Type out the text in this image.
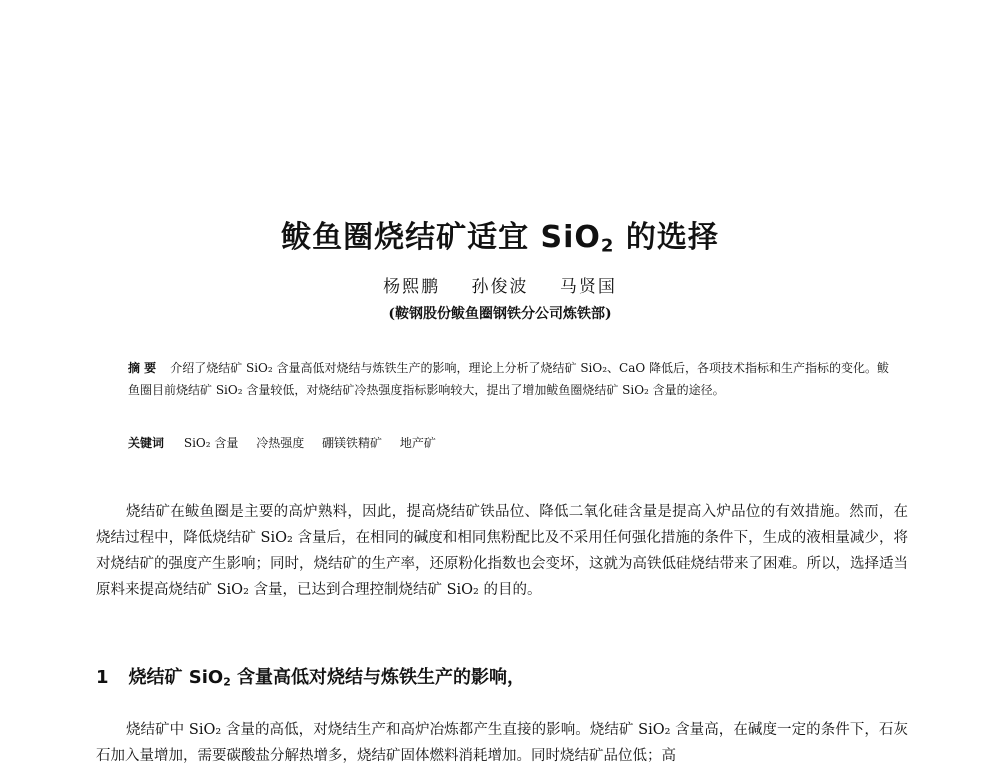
鲅鱼圈烧结矿适宜 SiO$_2$ 的选择
杨熙鹏 孙俊波 马贤国
(鞍钢股份鲅鱼圈钢铁分公司炼铁部)
摘 要 介绍了烧结矿 SiO₂ 含量高低对烧结与炼铁生产的影响，理论上分析了烧结矿 SiO₂、CaO 降低后，各项技术指标和生产指标的变化。鲅鱼圈目前烧结矿 SiO₂ 含量较低，对烧结矿冷热强度指标影响较大，提出了增加鲅鱼圈烧结矿 SiO₂ 含量的途径。
关键词 SiO₂ 含量 冷热强度 硼镁铁精矿 地产矿

烧结矿在鲅鱼圈是主要的高炉熟料，因此，提高烧结矿铁品位、降低二氧化硅含量是提高入炉品位的有效措施。然而，在烧结过程中，降低烧结矿 SiO₂ 含量后，在相同的碱度和相同焦粉配比及不采用任何强化措施的条件下，生成的液相量减少，将对烧结矿的强度产生影响；同时，烧结矿的生产率，还原粉化指数也会变坏，这就为高铁低硅烧结带来了困难。所以，选择适当原料来提高烧结矿 SiO₂ 含量，已达到合理控制烧结矿 SiO₂ 的目的。

1 烧结矿 SiO$_2$ 含量高低对烧结与炼铁生产的影响，

烧结矿中 SiO₂ 含量的高低，对烧结生产和高炉冶炼都产生直接的影响。烧结矿 SiO₂ 含量高，在碱度一定的条件下，石灰石加入量增加，需要碳酸盐分解热增多，烧结矿固体燃料消耗增加。同时烧结矿品位低；高
